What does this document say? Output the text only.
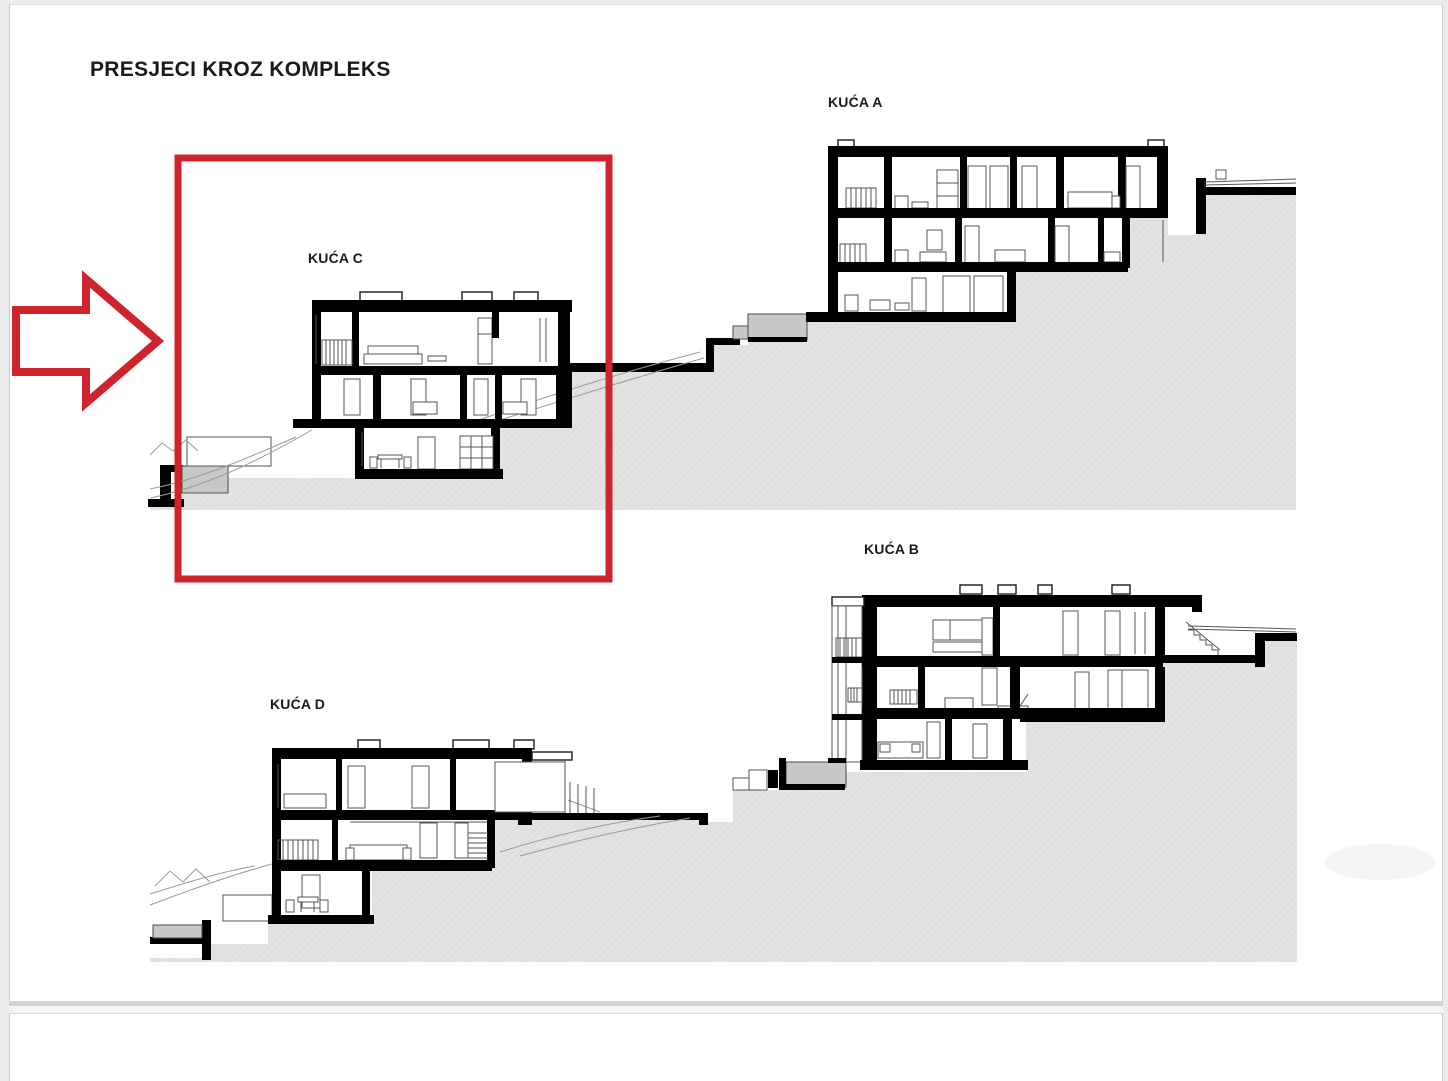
PRESJECI KROZ KOMPLEKS
KUĆA A
KUĆA C
KUĆA B
KUĆA D
